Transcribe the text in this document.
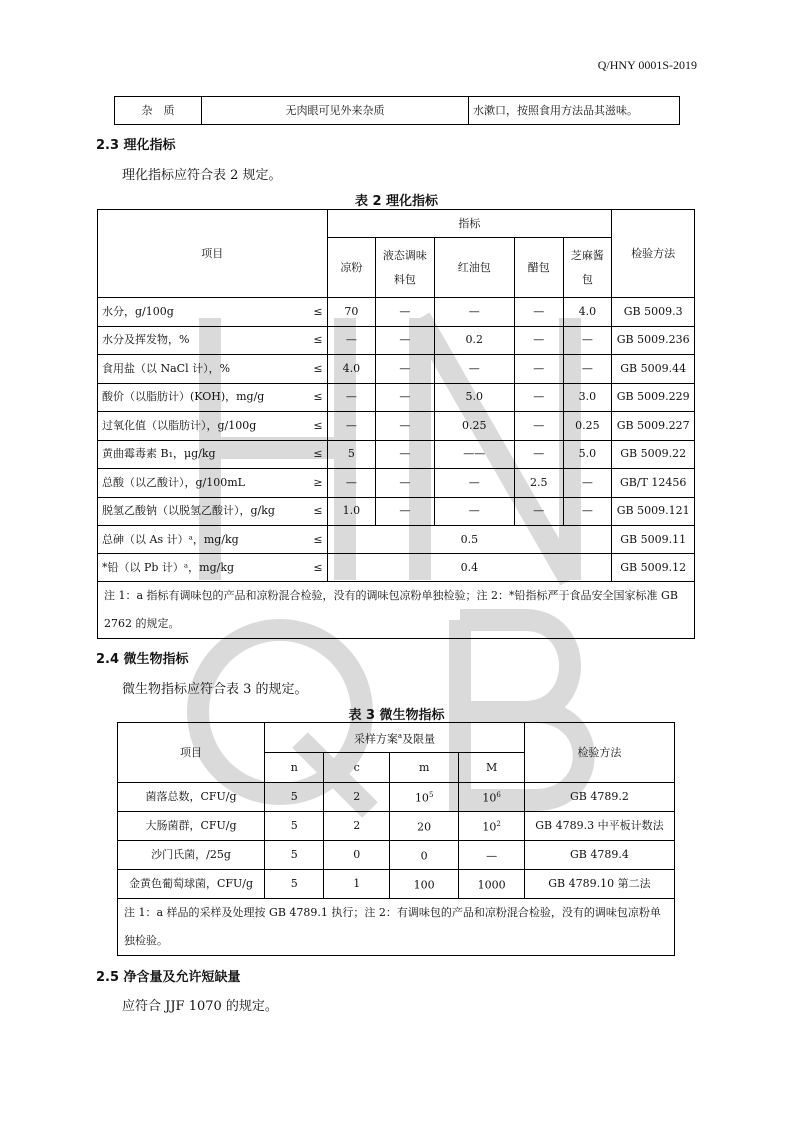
Q/HNY 0001S-2019
杂　质	无肉眼可见外来杂质	水漱口，按照食用方法品其滋味。
2.3 理化指标
理化指标应符合表 2 规定。
表 2 理化指标
项目	指标					检验方法
	凉粉	液态调味料包	红油包	醋包	芝麻酱包	

水分，g/100g ≤	70	—	—	—	4.0	GB 5009.3

水分及挥发物，% ≤	—	—	0.2	—	—	GB 5009.236

食用盐（以 NaCl 计），% ≤	4.0	—	—	—	—	GB 5009.44

酸价（以脂肪计）(KOH)，mg/g ≤	—	—	5.0	—	3.0	GB 5009.229

过氧化值（以脂肪计），g/100g ≤	—	—	0.25	—	0.25	GB 5009.227

黄曲霉毒素 B₁，μg/kg ≤	5	—	——	—	5.0	GB 5009.22

总酸（以乙酸计），g/100mL ≥	—	—	—	2.5	—	GB/T 12456

脱氢乙酸钠（以脱氢乙酸计），g/kg ≤	1.0	—	—	—	—	GB 5009.121

总砷（以 As 计）ᵃ，mg/kg ≤	0.5					GB 5009.11

*铅（以 Pb 计）ᵃ，mg/kg ≤	0.4					GB 5009.12
注 1：a 指标有调味包的产品和凉粉混合检验，没有的调味包凉粉单独检验；注 2：*铅指标严于食品安全国家标准 GB 2762 的规定。						
2.4 微生物指标
微生物指标应符合表 3 的规定。
表 3 微生物指标
项目	采样方案$^a$及限量				检验方法
	n	c	m	M	
菌落总数，CFU/g	5	2	$10^5$	$10^6$	GB 4789.2
大肠菌群，CFU/g	5	2	20	$10^2$	GB 4789.3 中平板计数法
沙门氏菌，/25g	5	0	0	—	GB 4789.4
金黄色葡萄球菌，CFU/g	5	1	100	1000	GB 4789.10 第二法
注 1：a 样品的采样及处理按 GB 4789.1 执行；注 2：有调味包的产品和凉粉混合检验，没有的调味包凉粉单独检验。					
2.5 净含量及允许短缺量
应符合 JJF 1070 的规定。
